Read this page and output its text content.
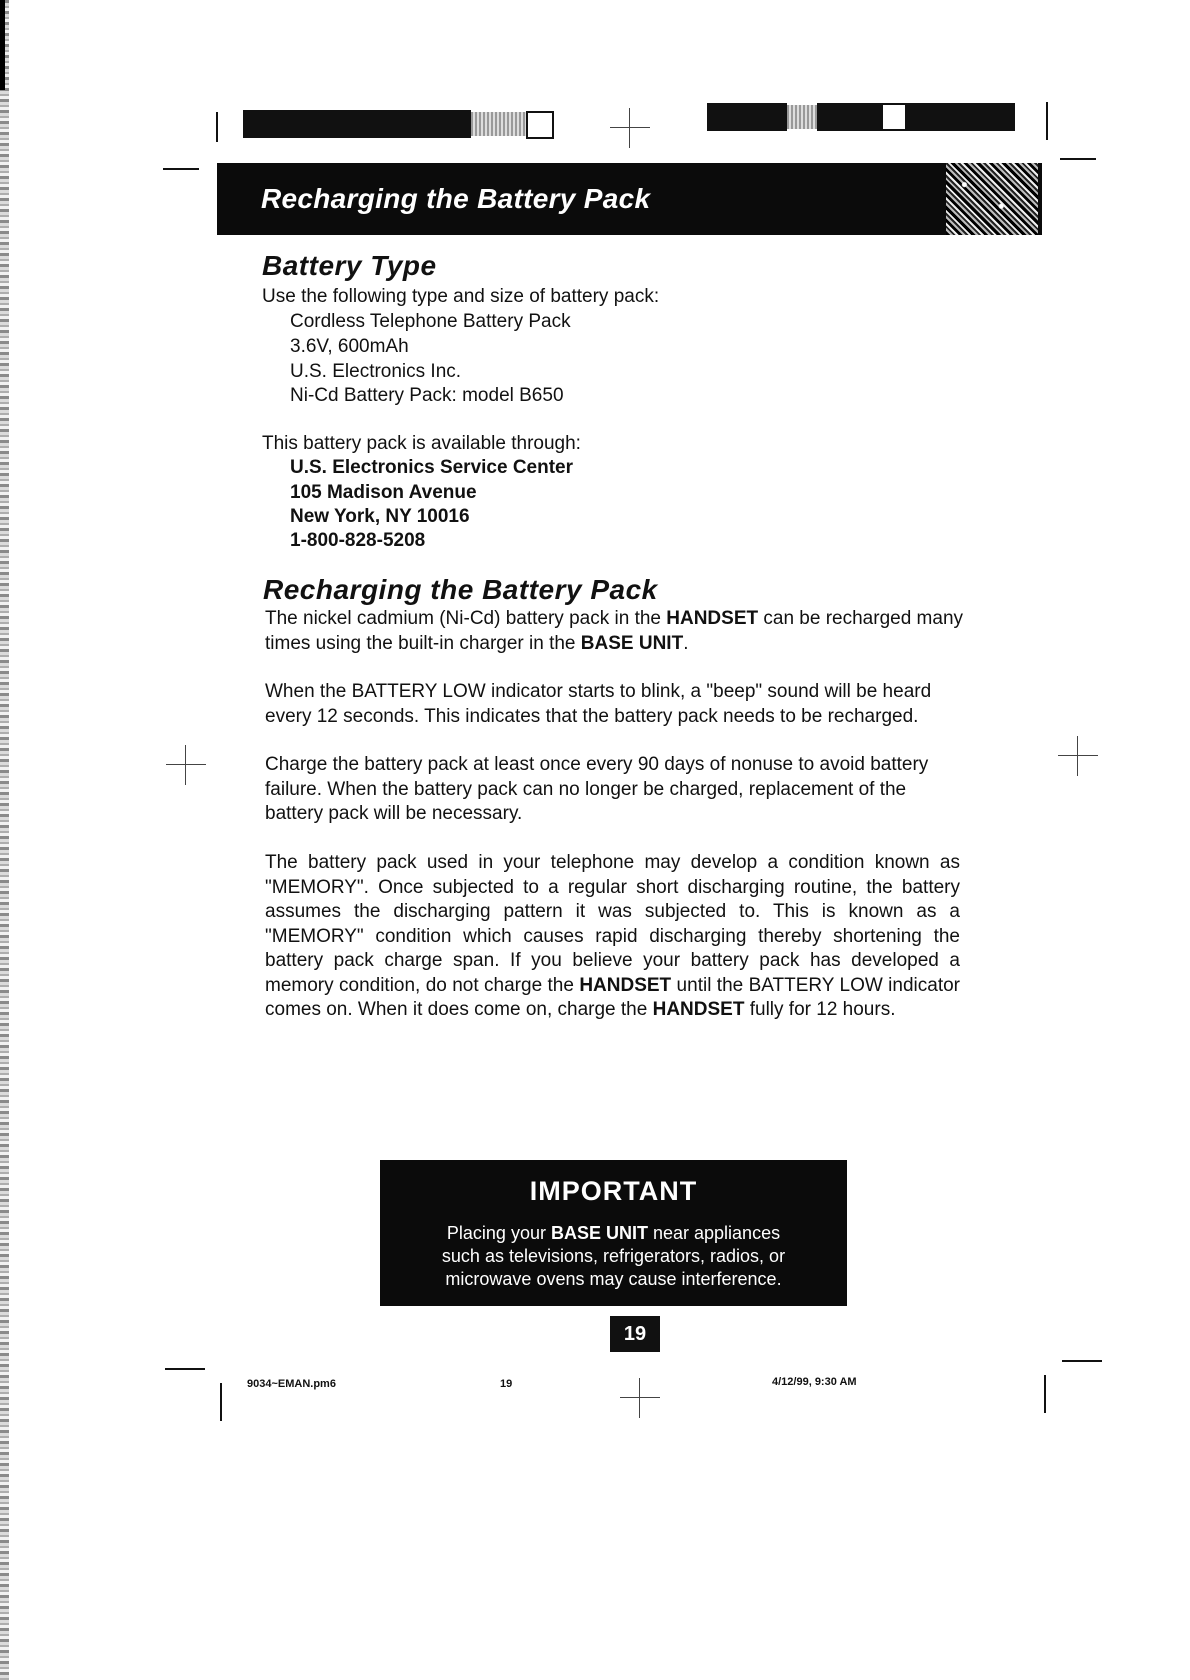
Recharging the Battery Pack
Battery Type
Use the following type and size of battery pack:
Cordless Telephone Battery Pack
3.6V, 600mAh
U.S. Electronics Inc.
Ni-Cd Battery Pack: model B650
This battery pack is available through:
U.S. Electronics Service Center
105 Madison Avenue
New York, NY 10016
1-800-828-5208
Recharging the Battery Pack
The nickel cadmium (Ni-Cd) battery pack in the HANDSET can be recharged many times using the built-in charger in the BASE UNIT.
When the BATTERY LOW indicator starts to blink, a "beep" sound will be heard every 12 seconds. This indicates that the battery pack needs to be recharged.
Charge the battery pack at least once every 90 days of nonuse to avoid battery failure. When the battery pack can no longer be charged, replacement of the battery pack will be necessary.
The battery pack used in your telephone may develop a condition known as "MEMORY". Once subjected to a regular short discharging routine, the battery assumes the discharging pattern it was subjected to. This is known as a "MEMORY" condition which causes rapid discharging thereby shortening the battery pack charge span. If you believe your battery pack has developed a memory condition, do not charge the HANDSET until the BATTERY LOW indicator comes on. When it does come on, charge the HANDSET fully for 12 hours.
IMPORTANT
Placing your BASE UNIT near appliances
such as televisions, refrigerators, radios, or
microwave ovens may cause interference.
19
9034~EMAN.pm6	19	4/12/99, 9:30 AM
